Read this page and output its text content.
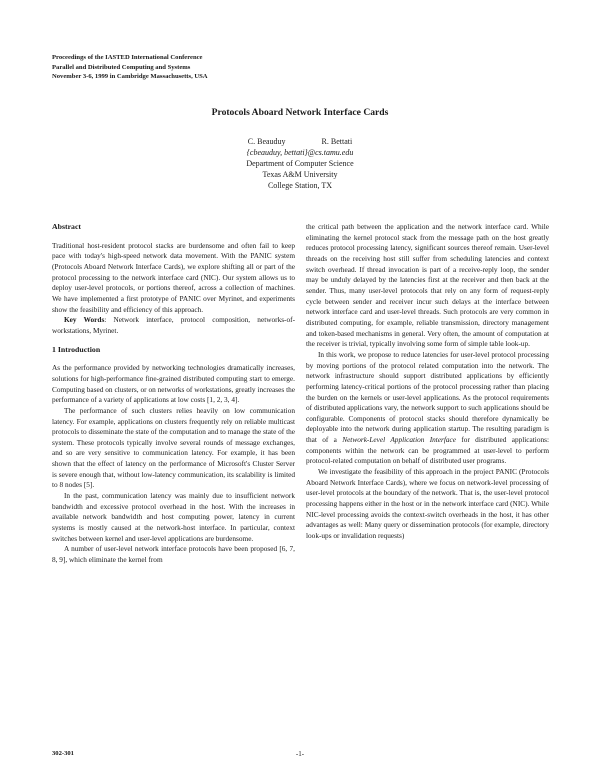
Proceedings of the IASTED International Conference
Parallel and Distributed Computing and Systems
November 3-6, 1999 in Cambridge Massachusetts, USA
Protocols Aboard Network Interface Cards
C. Beauduy	R. Bettati
{cbeauduy, bettati}@cs.tamu.edu
Department of Computer Science
Texas A&M University
College Station, TX
Abstract

Traditional host-resident protocol stacks are burdensome and often fail to keep pace with today's high-speed network data movement. With the PANIC system (Protocols Aboard Network Interface Cards), we explore shifting all or part of the protocol processing to the network interface card (NIC). Our system allows us to deploy user-level protocols, or portions thereof, across a collection of machines. We have implemented a first prototype of PANIC over Myrinet, and experiments show the feasibility and efficiency of this approach.

Key Words: Network interface, protocol composition, networks-of-workstations, Myrinet.

1 Introduction

As the performance provided by networking technologies dramatically increases, solutions for high-performance fine-grained distributed computing start to emerge. Computing based on clusters, or on networks of workstations, greatly increases the performance of a variety of applications at low costs [1, 2, 3, 4].

The performance of such clusters relies heavily on low communication latency. For example, applications on clusters frequently rely on reliable multicast protocols to disseminate the state of the computation and to manage the state of the system. These protocols typically involve several rounds of message exchanges, and so are very sensitive to communication latency. For example, it has been shown that the effect of latency on the performance of Microsoft's Cluster Server is severe enough that, without low-latency communication, its scalability is limited to 8 nodes [5].

In the past, communication latency was mainly due to insufficient network bandwidth and excessive protocol overhead in the host. With the increases in available network bandwidth and host computing power, latency in current systems is mostly caused at the network-host interface. In particular, context switches between kernel and user-level applications are burdensome.

A number of user-level network interface protocols have been proposed [6, 7, 8, 9], which eliminate the kernel from

the critical path between the application and the network interface card. While eliminating the kernel protocol stack from the message path on the host greatly reduces protocol processing latency, significant sources thereof remain. User-level threads on the receiving host still suffer from scheduling latencies and context switch overhead. If thread invocation is part of a receive-reply loop, the sender may be unduly delayed by the latencies first at the receiver and then back at the sender. Thus, many user-level protocols that rely on any form of request-reply cycle between sender and receiver incur such delays at the interface between network interface card and user-level threads. Such protocols are very common in distributed computing, for example, reliable transmission, directory management and token-based mechanisms in general. Very often, the amount of computation at the receiver is trivial, typically involving some form of simple table look-up.

In this work, we propose to reduce latencies for user-level protocol processing by moving portions of the protocol related computation into the network. The network infrastructure should support distributed applications by efficiently performing latency-critical portions of the protocol processing rather than placing the burden on the kernels or user-level applications. As the protocol requirements of distributed applications vary, the network support to such applications should be configurable. Components of protocol stacks should therefore dynamically be deployable into the network during application startup. The resulting paradigm is that of a Network-Level Application Interface for distributed applications: components within the network can be programmed at user-level to perform protocol-related computation on behalf of distributed user programs.

We investigate the feasibility of this approach in the project PANIC (Protocols Aboard Network Interface Cards), where we focus on network-level processing of user-level protocols at the boundary of the network. That is, the user-level protocol processing happens either in the host or in the network interface card (NIC). While NIC-level processing avoids the context-switch overheads in the host, it has other advantages as well: Many query or dissemination protocols (for example, directory look-ups or invalidation requests)

302-301	-1-
